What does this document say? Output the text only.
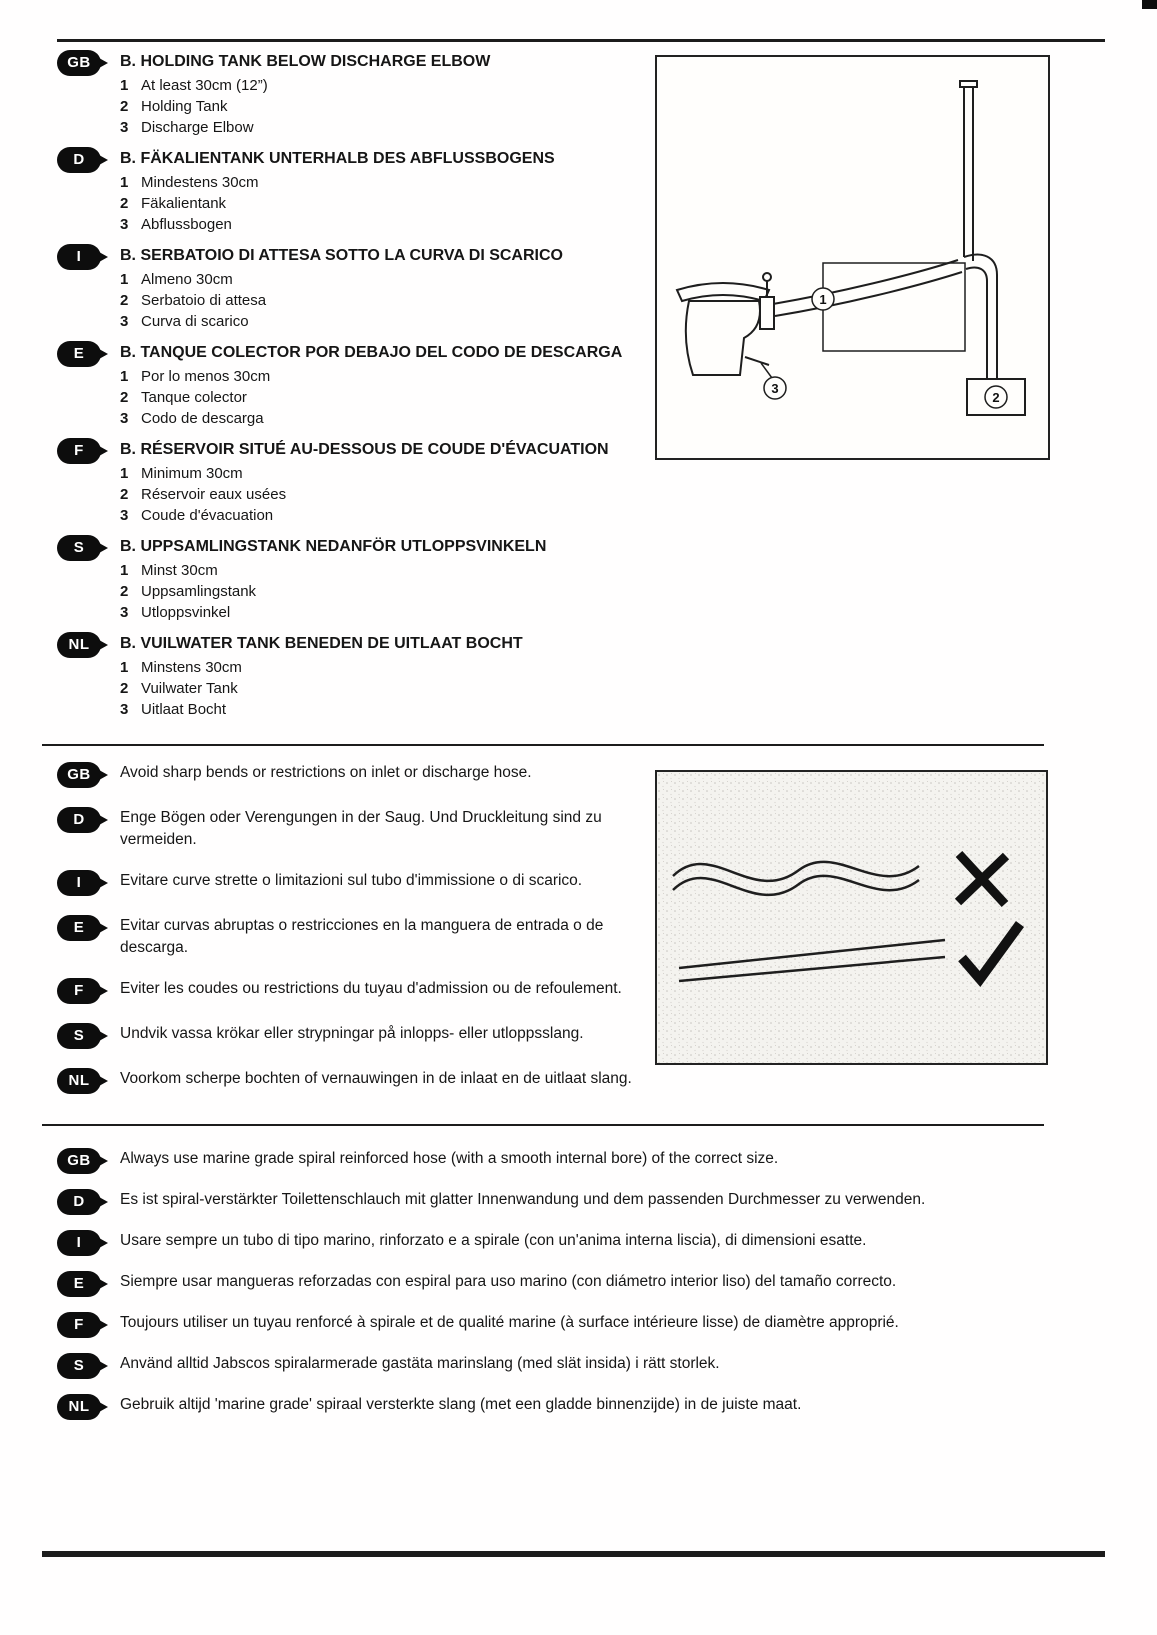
GB	B. HOLDING TANK BELOW DISCHARGE ELBOW
1 At least 30cm (12”)
2 Holding Tank
3 Discharge Elbow
D	B. FÄKALIENTANK UNTERHALB DES ABFLUSSBOGENS
1 Mindestens 30cm
2 Fäkalientank
3 Abflussbogen
I	B. SERBATOIO DI ATTESA SOTTO LA CURVA DI SCARICO
1 Almeno 30cm
2 Serbatoio di attesa
3 Curva di scarico
E	B. TANQUE COLECTOR POR DEBAJO DEL CODO DE DESCARGA
1 Por lo menos 30cm
2 Tanque colector
3 Codo de descarga
F	B. RÉSERVOIR SITUÉ AU-DESSOUS DE COUDE D'ÉVACUATION
1 Minimum 30cm
2 Réservoir eaux usées
3 Coude d'évacuation
S	B. UPPSAMLINGSTANK NEDANFÖR UTLOPPSVINKELN
1 Minst 30cm
2 Uppsamlingstank
3 Utloppsvinkel
NL	B. VUILWATER TANK BENEDEN DE UITLAAT BOCHT
1 Minstens 30cm
2 Vuilwater Tank
3 Uitlaat Bocht
1
2
3
GB	Avoid sharp bends or restrictions on inlet or discharge hose.
D	Enge Bögen oder Verengungen in der Saug. Und Druckleitung sind zu vermeiden.
I	Evitare curve strette o limitazioni sul tubo d'immissione o di scarico.
E	Evitar curvas abruptas o restricciones en la manguera de entrada o de descarga.
F	Eviter les coudes ou restrictions du tuyau d'admission ou de refoulement.
S	Undvik vassa krökar eller strypningar på inlopps- eller utloppsslang.
NL	Voorkom scherpe bochten of vernauwingen in de inlaat en de uitlaat slang.
GB	Always use marine grade spiral reinforced hose (with a smooth internal bore) of the correct size.
D	Es ist spiral-verstärkter Toilettenschlauch mit glatter Innenwandung und dem passenden Durchmesser zu verwenden.
I	Usare sempre un tubo di tipo marino, rinforzato e a spirale (con un'anima interna liscia), di dimensioni esatte.
E	Siempre usar mangueras reforzadas con espiral para uso marino (con diámetro interior liso) del tamaño correcto.
F	Toujours utiliser un tuyau renforcé à spirale et de qualité marine (à surface intérieure lisse) de diamètre approprié.
S	Använd alltid Jabscos spiralarmerade gastäta marinslang (med slät insida) i rätt storlek.
NL	Gebruik altijd 'marine grade' spiraal versterkte slang (met een gladde binnenzijde) in de juiste maat.
